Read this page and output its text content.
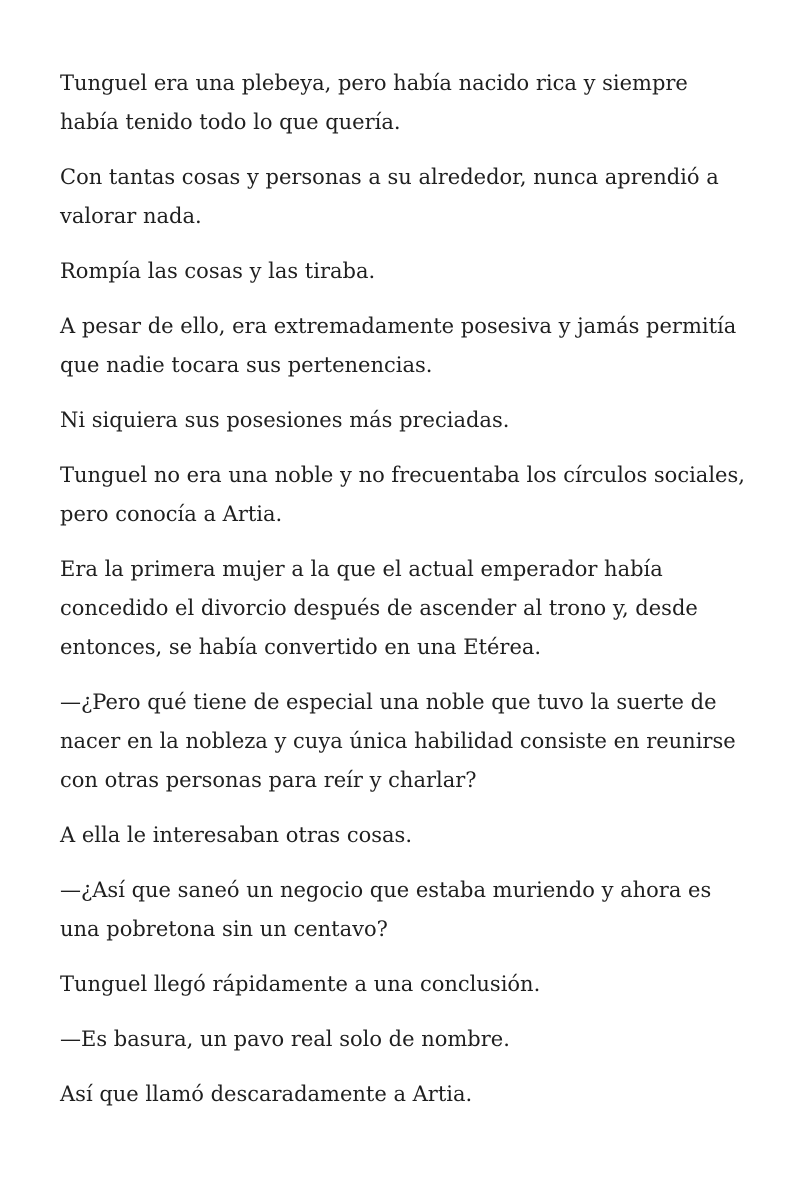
Tunguel era una plebeya, pero había nacido rica y siempre había tenido todo lo que quería.

Con tantas cosas y personas a su alrededor, nunca aprendió a valorar nada.

Rompía las cosas y las tiraba.

A pesar de ello, era extremadamente posesiva y jamás permitía que nadie tocara sus pertenencias.

Ni siquiera sus posesiones más preciadas.

Tunguel no era una noble y no frecuentaba los círculos sociales, pero conocía a Artia.

Era la primera mujer a la que el actual emperador había concedido el divorcio después de ascender al trono y, desde entonces, se había convertido en una Etérea.

—¿Pero qué tiene de especial una noble que tuvo la suerte de nacer en la nobleza y cuya única habilidad consiste en reunirse con otras personas para reír y charlar?

A ella le interesaban otras cosas.

—¿Así que saneó un negocio que estaba muriendo y ahora es una pobretona sin un centavo?

Tunguel llegó rápidamente a una conclusión.

—Es basura, un pavo real solo de nombre.

Así que llamó descaradamente a Artia.
